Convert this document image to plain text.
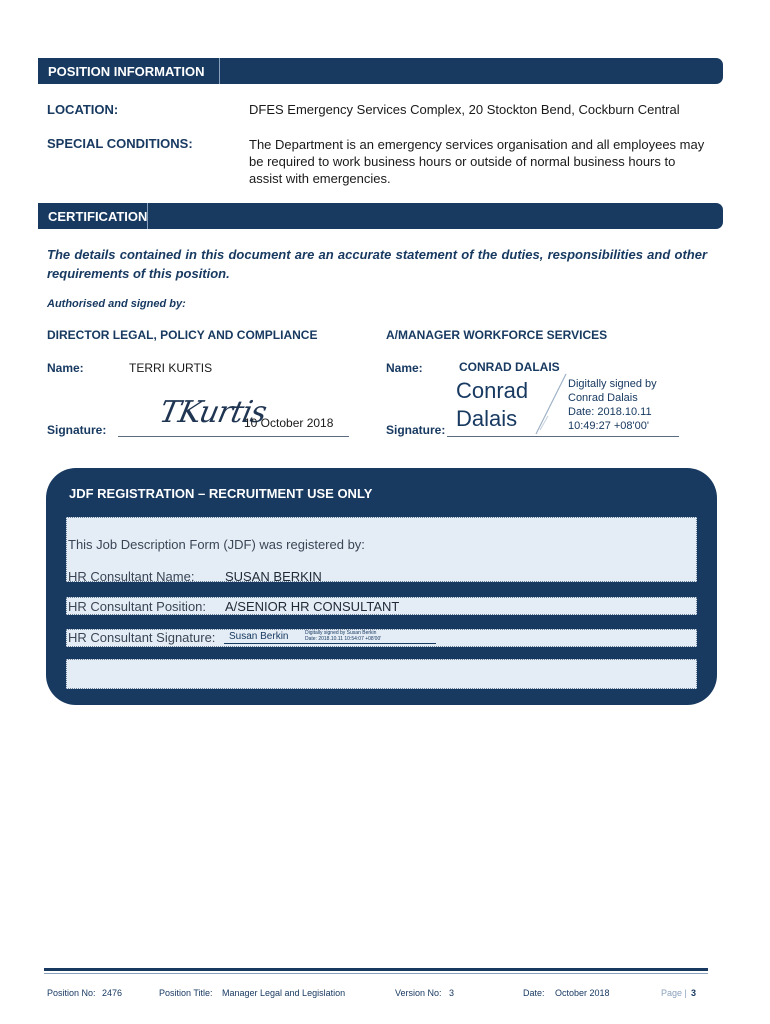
POSITION INFORMATION
LOCATION:	DFES Emergency Services Complex, 20 Stockton Bend, Cockburn Central
SPECIAL CONDITIONS:	The Department is an emergency services organisation and all employees may
be required to work business hours or outside of normal business hours to
assist with emergencies.
CERTIFICATION
The details contained in this document are an accurate statement of the duties, responsibilities and other requirements of this position.
Authorised and signed by:
DIRECTOR LEGAL, POLICY AND COMPLIANCE
Name:	TERRI KURTIS
Signature: TKurtis
10 October 2018
A/MANAGER WORKFORCE SERVICES
Name:	CONRAD DALAIS
Signature:
Conrad
Dalais
Digitally signed by
Conrad Dalais
Date: 2018.10.11
10:49:27 +08'00'
JDF REGISTRATION – RECRUITMENT USE ONLY
This Job Description Form (JDF) was registered by:
HR Consultant Name: SUSAN BERKIN
HR Consultant Position: A/SENIOR HR CONSULTANT
HR Consultant Signature: Susan Berkin	Digitally signed by Susan Berkin
Date: 2018.10.11 10:54:07 +08'00'
Position No: 2476	Position Title: Manager Legal and Legislation	Version No: 3	Date: October 2018	Page | 3
